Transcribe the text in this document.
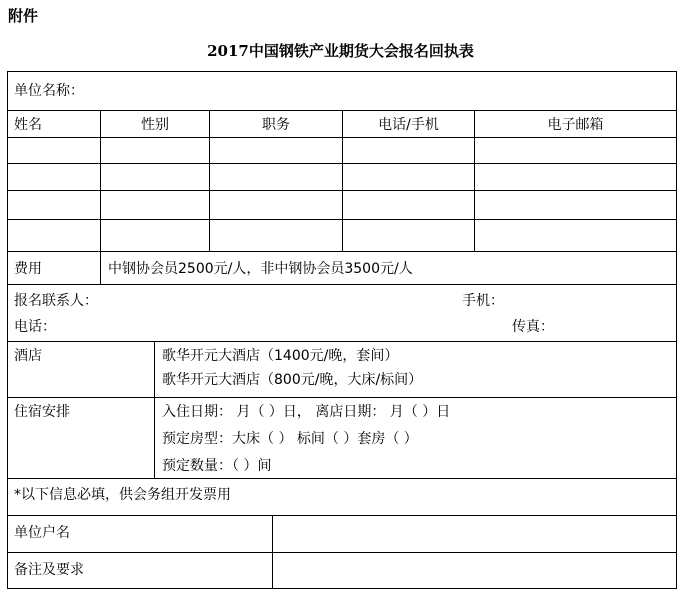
附件
2017中国钢铁产业期货大会报名回执表
单位名称：
姓名	性别	职务	电话/手机	电子邮箱
费用	中钢协会员2500元/人，非中钢协会员3500元/人
报名联系人：	手机：
电话：	传真：
酒店	歌华开元大酒店（1400元/晚，套间）
歌华开元大酒店（800元/晚，大床/标间）
住宿安排	入住日期： 月（ ）日， 离店日期： 月（ ）日
预定房型：大床（ ） 标间（ ）套房（ ）
预定数量：（ ）间
*以下信息必填，供会务组开发票用
单位户名
备注及要求
